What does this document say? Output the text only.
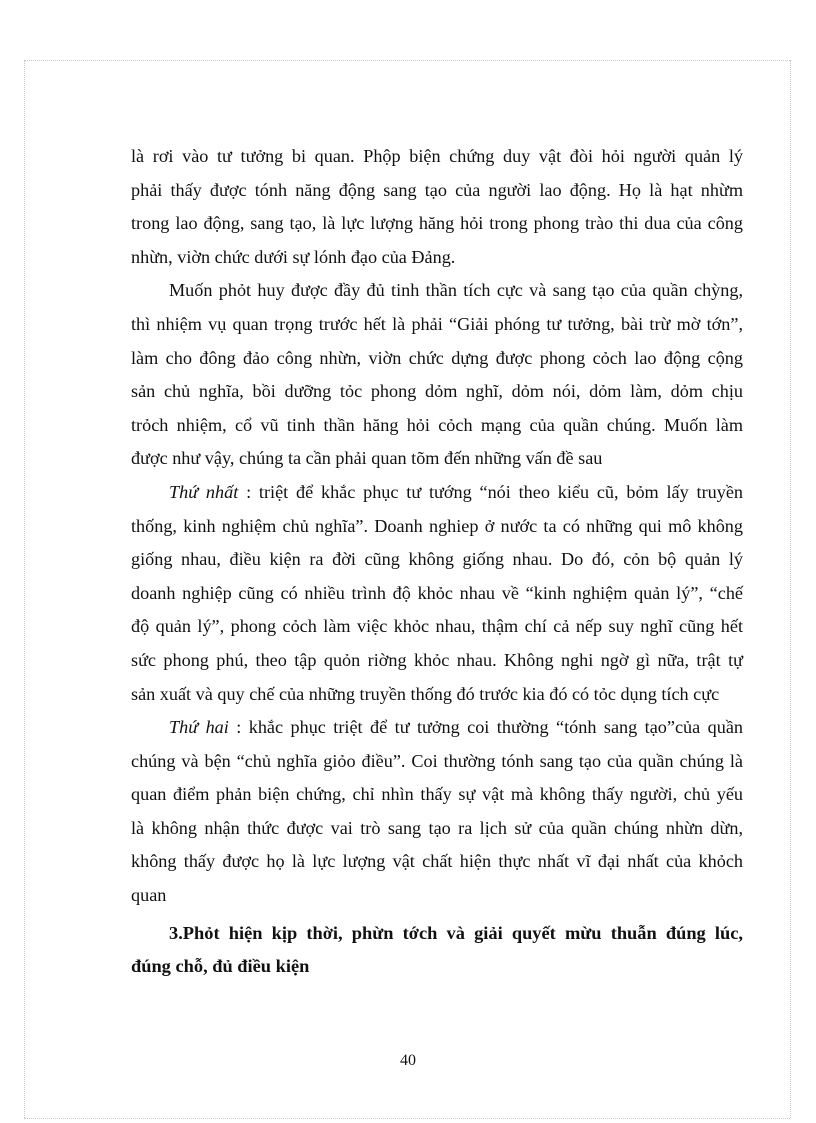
là rơi vào tư tưởng bi quan. Phộp biện chứng duy vật đòi hỏi người quản lý
phải thấy được tónh năng động sang tạo của người lao động. Họ là hạt nhừm
trong lao động, sang tạo, là lực lượng hăng hỏi trong phong trào thi dua của công
nhừn, viờn chức dưới sự lónh đạo của Đảng.
Muốn phỏt huy được đầy đủ tinh thần tích cực và sang tạo của quần chỳng,
thì nhiệm vụ quan trọng trước hết là phải “Giải phóng tư tưởng, bài trừ mờ tớn”,
làm cho đông đảo công nhừn, viờn chức dựng được phong cỏch lao động cộng
sản chủ nghĩa, bồi dưỡng tỏc phong dỏm nghĩ, dỏm nói, dỏm làm, dỏm chịu
trỏch nhiệm, cổ vũ tinh thần hăng hỏi cỏch mạng của quần chúng. Muốn làm
được như vậy, chúng ta cần phải quan tõm đến những vấn đề sau
Thứ nhất : triệt để khắc phục tư tướng “nói theo kiểu cũ, bỏm lấy truyền
thống, kinh nghiệm chủ nghĩa”. Doanh nghiep ở nước ta có những qui mô không
giống nhau, điều kiện ra đời cũng không giống nhau. Do đó, cỏn bộ quản lý
doanh nghiệp cũng có nhiều trình độ khỏc nhau về “kinh nghiệm quản lý”, “chế
độ quản lý”, phong cỏch làm việc khỏc nhau, thậm chí cả nếp suy nghĩ cũng hết
sức phong phú, theo tập quỏn riờng khỏc nhau. Không nghi ngờ gì nữa, trật tự
sản xuất và quy chế của những truyền thống đó trước kia đó có tỏc dụng tích cực
Thứ hai : khắc phục triệt để tư tưởng coi thường “tónh sang tạo”của quần
chúng và bện “chủ nghĩa giỏo điều”. Coi thường tónh sang tạo của quần chúng là
quan điểm phản biện chứng, chỉ nhìn thấy sự vật mà không thấy người, chủ yếu
là không nhận thức được vai trò sang tạo ra lịch sử của quần chúng nhừn dừn,
không thấy được họ là lực lượng vật chất hiện thực nhất vĩ đại nhất của khỏch
quan
3.Phỏt hiện kịp thời, phừn tớch và giải quyết mừu thuẫn đúng lúc,
đúng chỗ, đủ điều kiện
40
